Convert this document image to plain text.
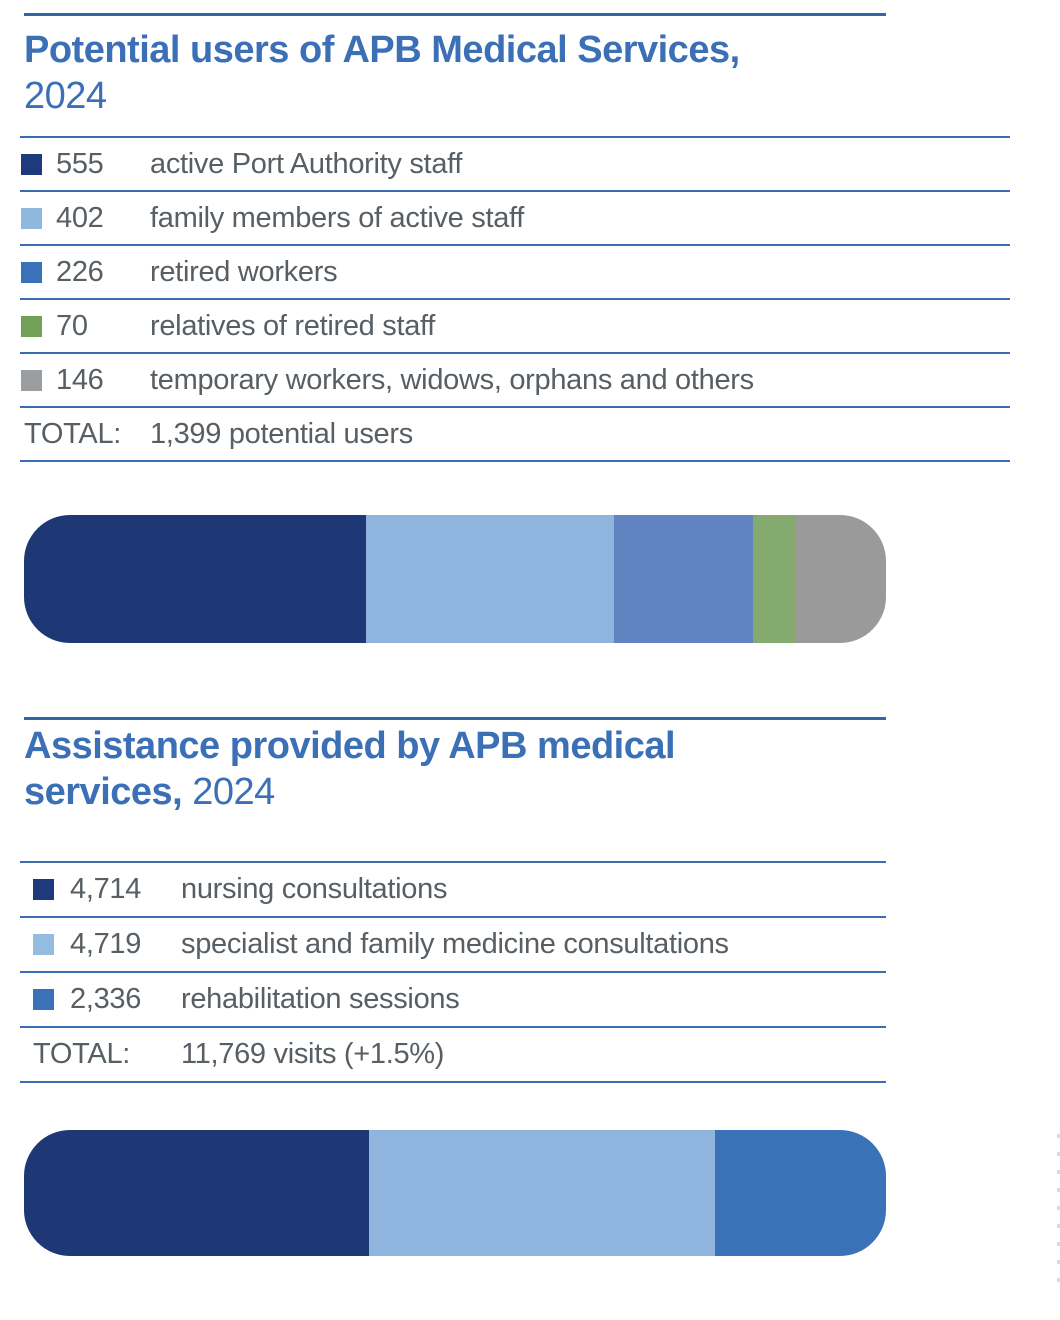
Potential users of APB Medical Services,
2024
555	active Port Authority staff
402	family members of active staff
226	retired workers
70	relatives of retired staff
146	temporary workers, widows, orphans and others
TOTAL: 1,399 potential users
Assistance provided by APB medical
services, 2024
4,714	nursing consultations
4,719	specialist and family medicine consultations
2,336	rehabilitation sessions
TOTAL:	11,769 visits (+1.5%)
